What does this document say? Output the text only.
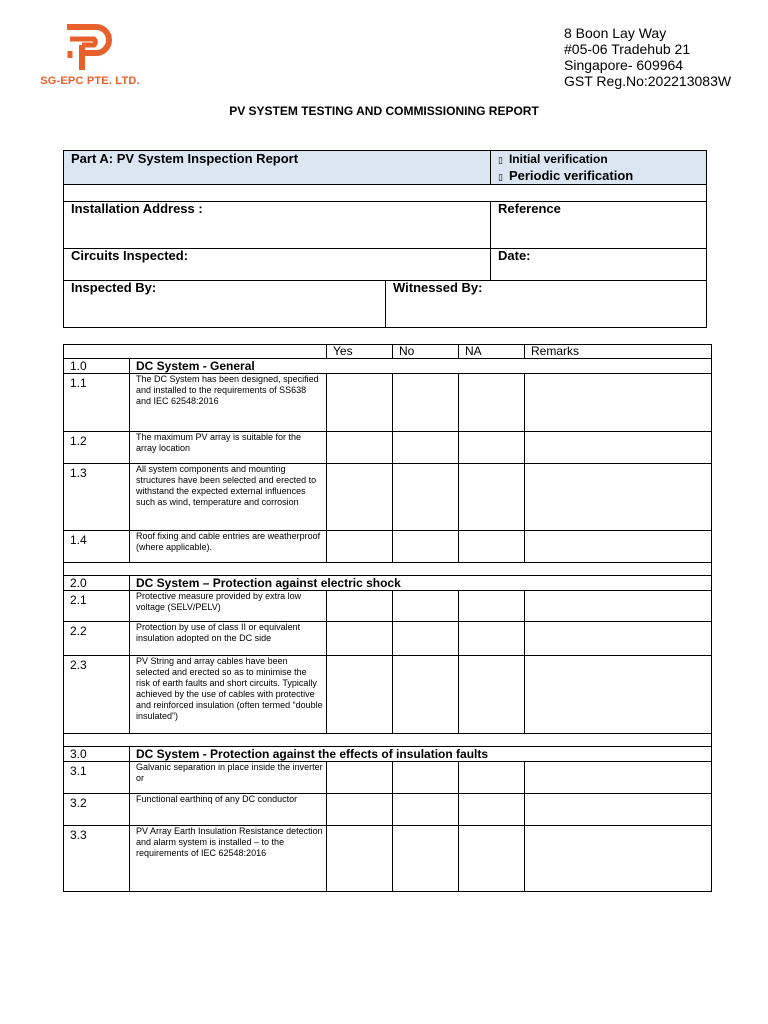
SG-EPC PTE. LTD.
8 Boon Lay Way
#05-06 Tradehub 21
Singapore- 609964
GST Reg.No:202213083W
PV SYSTEM TESTING AND COMMISSIONING REPORT
Part A: PV System Inspection Report	▯ Initial verification
▯ Periodic verification
Installation Address :	Reference
Circuits Inspected:	Date:
Inspected By:	Witnessed By:
		Yes	No	NA	Remarks
1.0	DC System - General				
1.1	The DC System has been designed, specified and installed to the requirements of SS638 and IEC 62548:2016				
1.2	The maximum PV array is suitable for the array location				
1.3	All system components and mounting structures have been selected and erected to withstand the expected external influences such as wind, temperature and corrosion				
1.4	Roof fixing and cable entries are weatherproof (where applicable).				

2.0	DC System – Protection against electric shock				
2.1	Protective measure provided by extra low voltage (SELV/PELV)				
2.2	Protection by use of class II or equivalent insulation adopted on the DC side				
2.3	PV String and array cables have been selected and erected so as to minimise the risk of earth faults and short circuits. Typically achieved by the use of cables with protective and reinforced insulation (often termed “double insulated”)				

3.0	DC System - Protection against the effects of insulation faults				
3.1	Galvanic separation in place inside the inverter or				
3.2	Functional earthinq of any DC conductor				
3.3	PV Array Earth Insulation Resistance detection and alarm system is installed – to the requirements of IEC 62548:2016				
